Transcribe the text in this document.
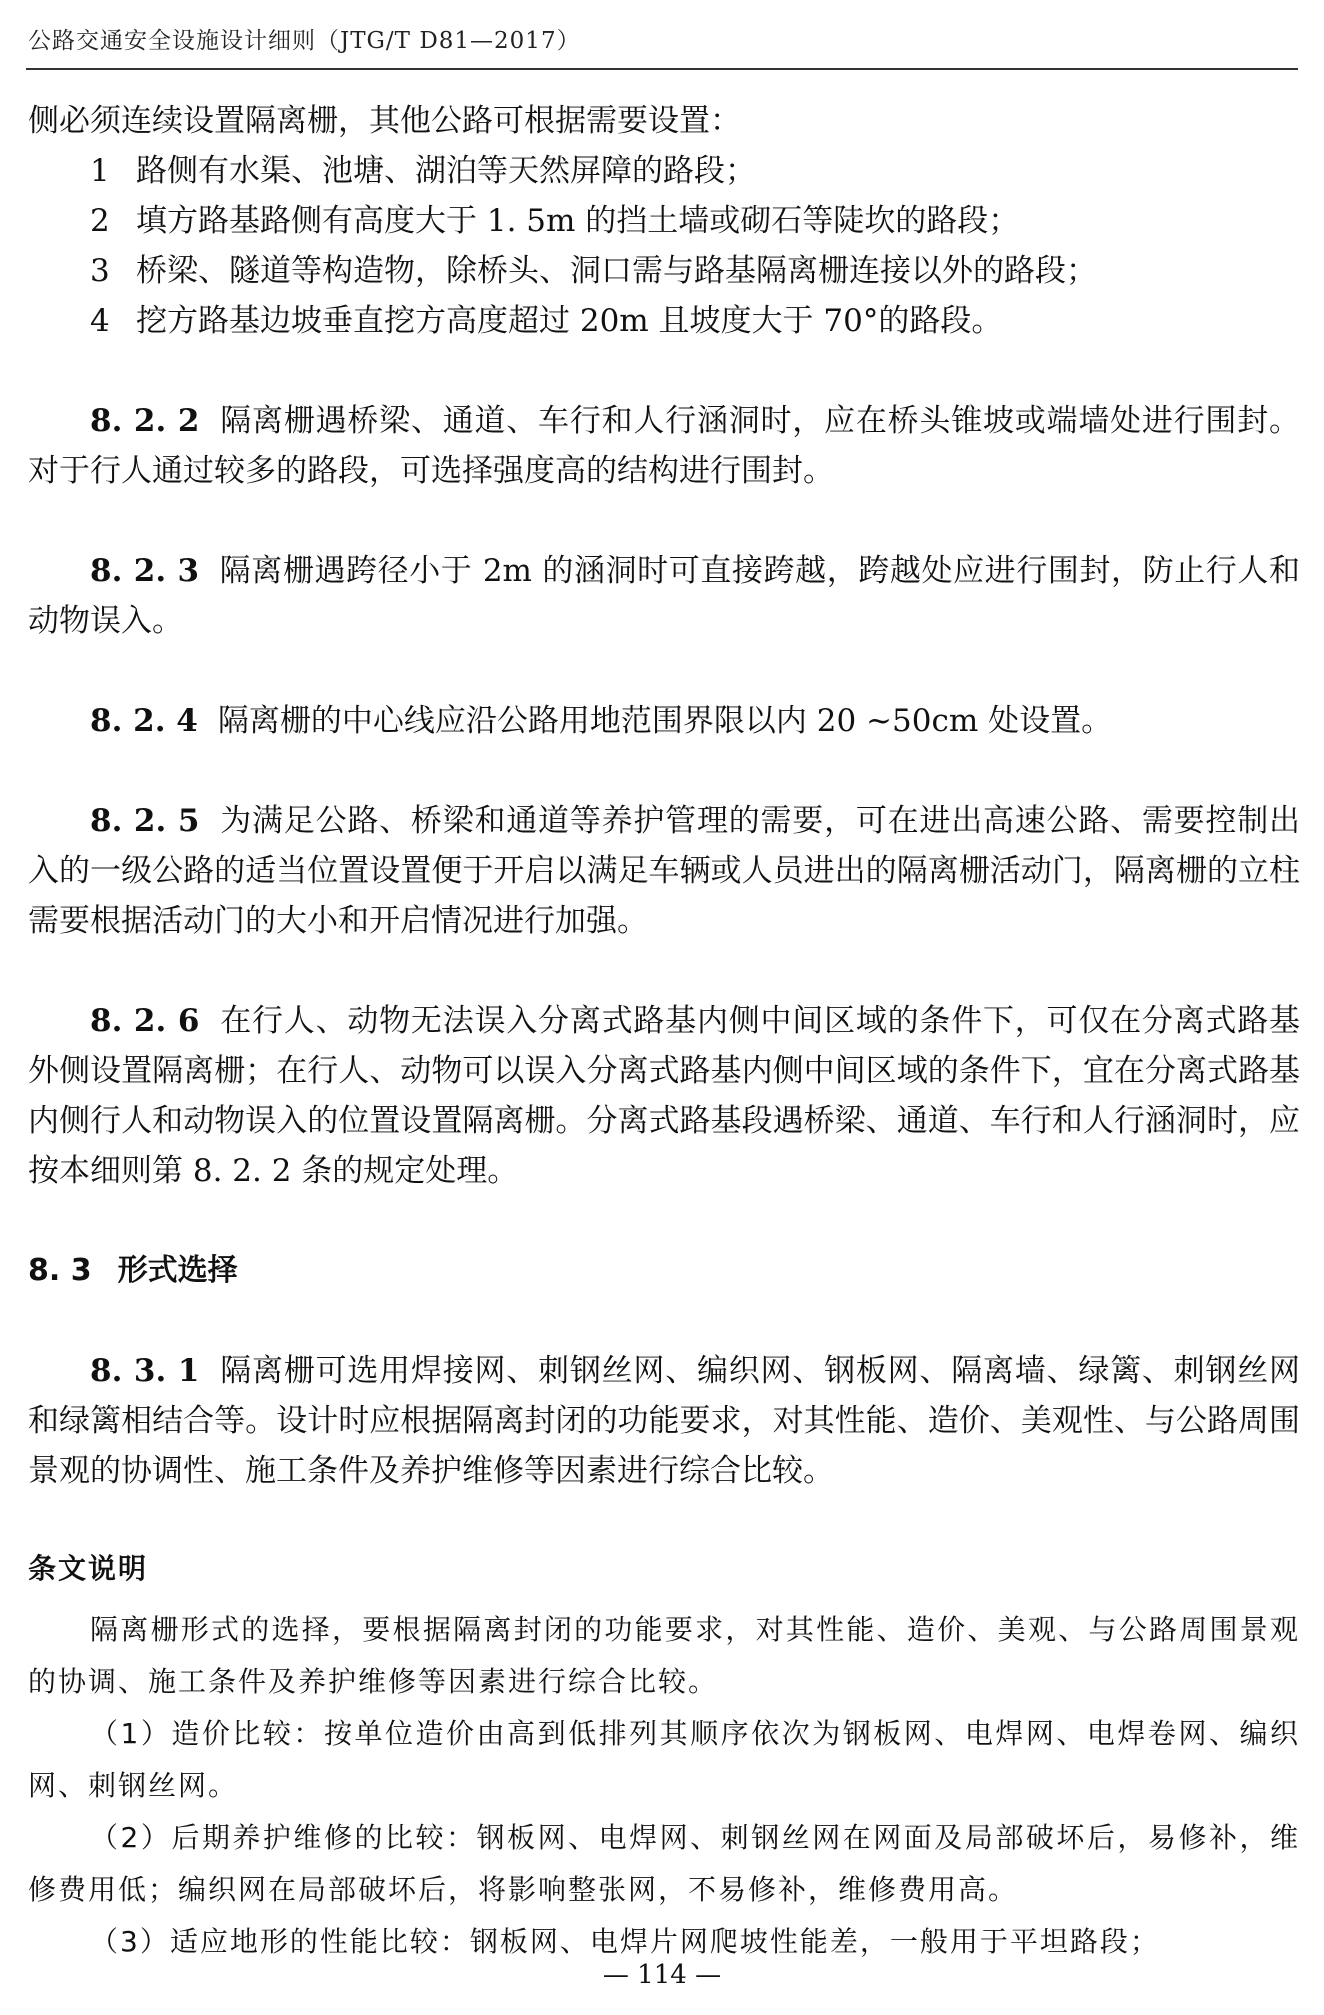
公路交通安全设施设计细则（JTG/T D81—2017）

侧必须连续设置隔离栅，其他公路可根据需要设置：

1 路侧有水渠、池塘、湖泊等天然屏障的路段；
2 填方路基路侧有高度大于 1. 5m 的挡土墙或砌石等陡坎的路段；
3 桥梁、隧道等构造物，除桥头、洞口需与路基隔离栅连接以外的路段；
4 挖方路基边坡垂直挖方高度超过 20m 且坡度大于 70°的路段。

8. 2. 2 隔离栅遇桥梁、通道、车行和人行涵洞时，应在桥头锥坡或端墙处进行围封。对于行人通过较多的路段，可选择强度高的结构进行围封。

8. 2. 3 隔离栅遇跨径小于 2m 的涵洞时可直接跨越，跨越处应进行围封，防止行人和动物误入。

8. 2. 4 隔离栅的中心线应沿公路用地范围界限以内 20 ~50cm 处设置。

8. 2. 5 为满足公路、桥梁和通道等养护管理的需要，可在进出高速公路、需要控制出入的一级公路的适当位置设置便于开启以满足车辆或人员进出的隔离栅活动门，隔离栅的立柱需要根据活动门的大小和开启情况进行加强。

8. 2. 6 在行人、动物无法误入分离式路基内侧中间区域的条件下，可仅在分离式路基外侧设置隔离栅；在行人、动物可以误入分离式路基内侧中间区域的条件下，宜在分离式路基内侧行人和动物误入的位置设置隔离栅。分离式路基段遇桥梁、通道、车行和人行涵洞时，应按本细则第 8. 2. 2 条的规定处理。

8. 3 形式选择

8. 3. 1 隔离栅可选用焊接网、刺钢丝网、编织网、钢板网、隔离墙、绿篱、刺钢丝网和绿篱相结合等。设计时应根据隔离封闭的功能要求，对其性能、造价、美观性、与公路周围景观的协调性、施工条件及养护维修等因素进行综合比较。

条文说明

隔离栅形式的选择，要根据隔离封闭的功能要求，对其性能、造价、美观、与公路周围景观的协调、施工条件及养护维修等因素进行综合比较。

（1）造价比较：按单位造价由高到低排列其顺序依次为钢板网、电焊网、电焊卷网、编织网、刺钢丝网。

（2）后期养护维修的比较：钢板网、电焊网、刺钢丝网在网面及局部破坏后，易修补，维修费用低；编织网在局部破坏后，将影响整张网，不易修补，维修费用高。

（3）适应地形的性能比较：钢板网、电焊片网爬坡性能差，一般用于平坦路段；

— 114 —
